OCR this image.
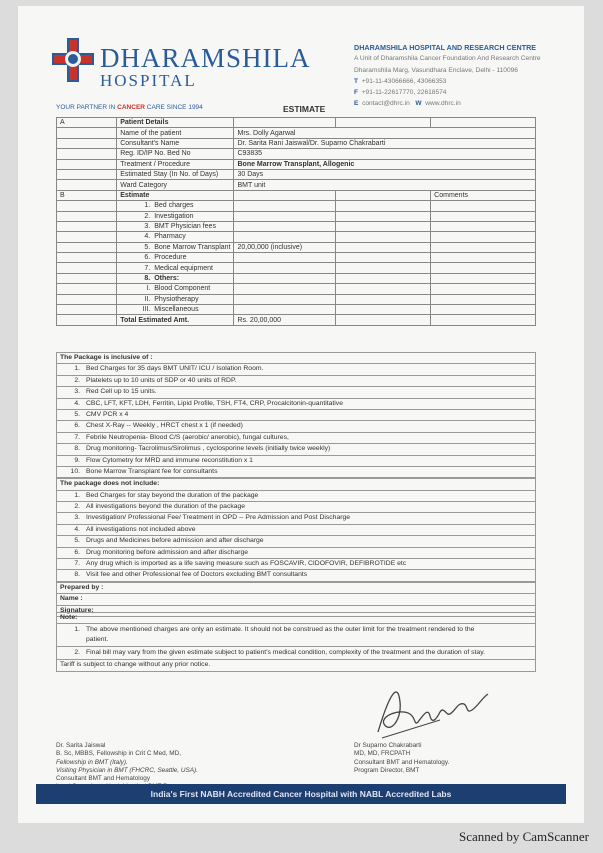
DHARAMSHILA
HOSPITAL
YOUR PARTNER IN CANCER CARE SINCE 1994	ESTIMATE
DHARAMSHILA HOSPITAL AND RESEARCH CENTRE
A Unit of Dharamshila Cancer Foundation And Research Centre
Dharamshila Marg, Vasundhara Enclave, Delhi - 110096
T +91-11-43066666, 43066353
F +91-11-22617770, 22618574
E contact@dhrc.in W www.dhrc.in
A	Patient Details			
	Name of the patient	Mrs. Dolly Agarwal		
	Consultant's Name	Dr. Sarita Rani Jaiswal/Dr. Suparno Chakrabarti		
	Reg. ID/IP No. Bed No	C93835		
	Treatment / Procedure	Bone Marrow Transplant, Allogenic		
	Estimated Stay (In No. of Days)	30 Days		
	Ward Category	BMT unit		
B	Estimate			Comments
	1. Bed charges			
	2. Investigation			
	3. BMT Physician fees			
	4. Pharmacy			
	5. Bone Marrow Transplant	20,00,000 (inclusive)		
	6. Procedure			
	7. Medical equipment			
	8. Others:			
	I. Blood Component			
	II. Physiotherapy			
	III. Miscellaneous			
	Total Estimated Amt.	Rs. 20,00,000		
The Package is inclusive of :
1. Bed Charges for 35 days BMT UNIT/ ICU / Isolation Room.
2. Platelets up to 10 units of SDP or 40 units of RDP.
3. Red Cell up to 15 units.
4. CBC, LFT, KFT, LDH, Ferritin, Lipid Profile, TSH, FT4, CRP, Procalcitonin-quantitative
5. CMV PCR x 4
6. Chest X-Ray -- Weekly , HRCT chest x 1 (if needed)
7. Febrile Neutropenia- Blood C/S (aerobic/ anerobic), fungal cultures,
8. Drug monitoring- Tacrolimus/Sirolimus , cyclosporine levels (initially twice weekly)
9. Flow Cytometry for MRD and immune reconstitution x 1
10. Bone Marrow Transplant fee for consultants
The package does not include:
1. Bed Charges for stay beyond the duration of the package
2. All investigations beyond the duration of the package
3. Investigation/ Professional Fee/ Treatment in OPD -- Pre Admission and Post Discharge
4. All investigations not included above
5. Drugs and Medicines before admission and after discharge
6. Drug monitoring before admission and after discharge
7. Any drug which is imported as a life saving measure such as FOSCAVIR, CIDOFOVIR, DEFIBROTIDE etc
8. Visit fee and other Professional fee of Doctors excluding BMT consultants
Prepared by :
Name :
Signature:
Note:
1. The above mentioned charges are only an estimate. It should not be construed as the outer limit for the treatment rendered to the patient.
2. Final bill may vary from the given estimate subject to patient's medical condition, complexity of the treatment and the duration of stay.
Tariff is subject to change without any prior notice.
Dr. Sarita Jaiswal
B. Sc, MBBS, Fellowship in Crit C Med, MD,
Fellowship in BMT (Italy).
Visiting Physician in BMT (FHCRC, Seattle, USA).
Consultant BMT and Hematology
Dr Suparno Chakrabarti
MD, MD, FRCPATH
Consultant BMT and Hematology.
Program Director, BMT
India's First NABH Accredited Cancer Hospital with NABL Accredited Labs
Scanned by CamScanner
